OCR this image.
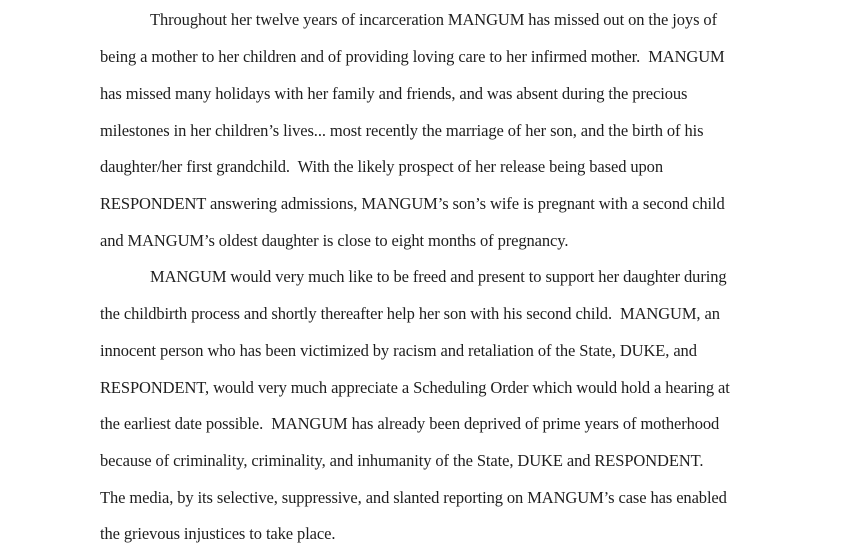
Throughout her twelve years of incarceration MANGUM has missed out on the joys of
being a mother to her children and of providing loving care to her infirmed mother.  MANGUM
has missed many holidays with her family and friends, and was absent during the precious
milestones in her children’s lives... most recently the marriage of her son, and the birth of his
daughter/her first grandchild.  With the likely prospect of her release being based upon
RESPONDENT answering admissions, MANGUM’s son’s wife is pregnant with a second child
and MANGUM’s oldest daughter is close to eight months of pregnancy.
MANGUM would very much like to be freed and present to support her daughter during
the childbirth process and shortly thereafter help her son with his second child.  MANGUM, an
innocent person who has been victimized by racism and retaliation of the State, DUKE, and
RESPONDENT, would very much appreciate a Scheduling Order which would hold a hearing at
the earliest date possible.  MANGUM has already been deprived of prime years of motherhood
because of criminality, criminality, and inhumanity of the State, DUKE and RESPONDENT.
The media, by its selective, suppressive, and slanted reporting on MANGUM’s case has enabled
the grievous injustices to take place.
